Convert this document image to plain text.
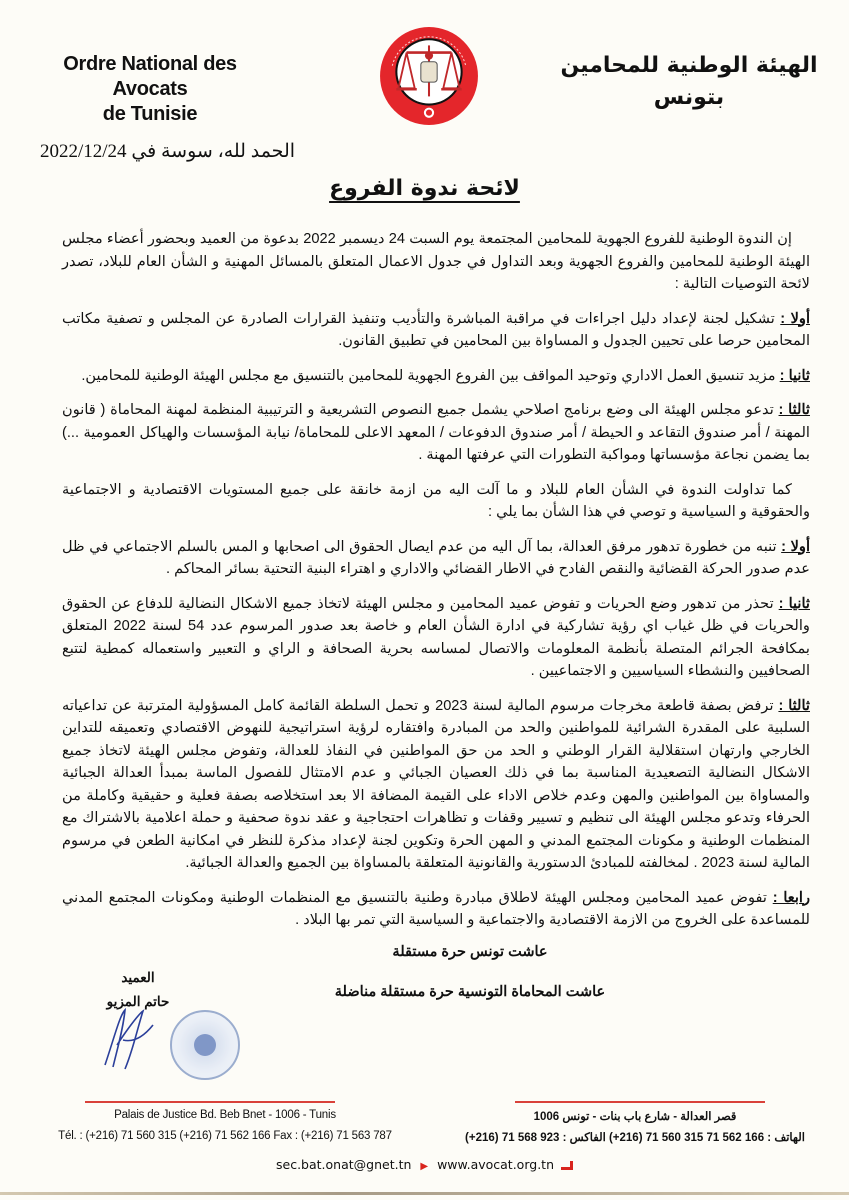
Ordre National des Avocats
de Tunisie
الهيئة الوطنية للمحامين
بتونس
الحمد لله، سوسة في 2022/12/24
لائحة ندوة الفروع

إن الندوة الوطنية للفروع الجهوية للمحامين المجتمعة يوم السبت 24 ديسمبر 2022 بدعوة من العميد وبحضور أعضاء مجلس الهيئة الوطنية للمحامين والفروع الجهوية وبعد التداول في جدول الاعمال المتعلق بالمسائل المهنية و الشأن العام للبلاد، تصدر لائحة التوصيات التالية :

أولا : تشكيل لجنة لإعداد دليل اجراءات في مراقبة المباشرة والتأديب وتنفيذ القرارات الصادرة عن المجلس و تصفية مكاتب المحامين حرصا على تحيين الجدول و المساواة بين المحامين في تطبيق القانون.

ثانيا : مزيد تنسيق العمل الاداري وتوحيد المواقف بين الفروع الجهوية للمحامين بالتنسيق مع مجلس الهيئة الوطنية للمحامين.

ثالثا : تدعو مجلس الهيئة الى وضع برنامج اصلاحي يشمل جميع النصوص التشريعية و الترتيبية المنظمة لمهنة المحاماة ( قانون المهنة / أمر صندوق التقاعد و الحيطة / أمر صندوق الدفوعات / المعهد الاعلى للمحاماة/ نيابة المؤسسات والهياكل العمومية ...) بما يضمن نجاعة مؤسساتها ومواكبة التطورات التي عرفتها المهنة .

كما تداولت الندوة في الشأن العام للبلاد و ما آلت اليه من ازمة خانقة على جميع المستويات الاقتصادية و الاجتماعية والحقوقية و السياسية و توصي في هذا الشأن بما يلي :

أولا : تنبه من خطورة تدهور مرفق العدالة، بما آل اليه من عدم ايصال الحقوق الى اصحابها و المس بالسلم الاجتماعي في ظل عدم صدور الحركة القضائية والنقص الفادح في الاطار القضائي والاداري و اهتراء البنية التحتية بسائر المحاكم .

ثانيا : تحذر من تدهور وضع الحريات و تفوض عميد المحامين و مجلس الهيئة لاتخاذ جميع الاشكال النضالية للدفاع عن الحقوق والحريات في ظل غياب اي رؤية تشاركية في ادارة الشأن العام و خاصة بعد صدور المرسوم عدد 54 لسنة 2022 المتعلق بمكافحة الجرائم المتصلة بأنظمة المعلومات والاتصال لمساسه بحرية الصحافة و الراي و التعبير واستعماله كمطية لتتبع الصحافيين والنشطاء السياسيين و الاجتماعيين .

ثالثا : ترفض بصفة قاطعة مخرجات مرسوم المالية لسنة 2023 و تحمل السلطة القائمة كامل المسؤولية المترتبة عن تداعياته السلبية على المقدرة الشرائية للمواطنين والحد من المبادرة وافتقاره لرؤية استراتيجية للنهوض الاقتصادي وتعميقه للتداين الخارجي وارتهان استقلالية القرار الوطني و الحد من حق المواطنين في النفاذ للعدالة، وتفوض مجلس الهيئة لاتخاذ جميع الاشكال النضالية التصعيدية المناسبة بما في ذلك العصيان الجبائي و عدم الامتثال للفصول الماسة بمبدأ العدالة الجبائية والمساواة بين المواطنين والمهن وعدم خلاص الاداء على القيمة المضافة الا بعد استخلاصه بصفة فعلية و حقيقية وكاملة من الحرفاء وتدعو مجلس الهيئة الى تنظيم و تسيير وقفات و تظاهرات احتجاجية و عقد ندوة صحفية و حملة اعلامية بالاشتراك مع المنظمات الوطنية و مكونات المجتمع المدني و المهن الحرة وتكوين لجنة لإعداد مذكرة للنظر في امكانية الطعن في مرسوم المالية لسنة 2023 . لمخالفته للمبادئ الدستورية والقانونية المتعلقة بالمساواة بين الجميع والعدالة الجبائية.

رابعا : تفوض عميد المحامين ومجلس الهيئة لاطلاق مبادرة وطنية بالتنسيق مع المنظمات الوطنية ومكونات المجتمع المدني للمساعدة على الخروج من الازمة الاقتصادية والاجتماعية و السياسية التي تمر بها البلاد .

عاشت تونس حرة مستقلة
عاشت المحاماة التونسية حرة مستقلة مناضلة
العميد
حاتم المزيو
Palais de Justice Bd. Beb Bnet - 1006 - Tunis
Tél. : (+216) 71 560 315 (+216) 71 562 166 Fax : (+216) 71 563 787
قصر العدالة - شارع باب بنات - تونس 1006
الهاتف : 166 562 71 315 560 71 (216+) الفاكس : 923 568 71 (216+)
sec.bat.onat@gnet.tn ▶ www.avocat.org.tn
